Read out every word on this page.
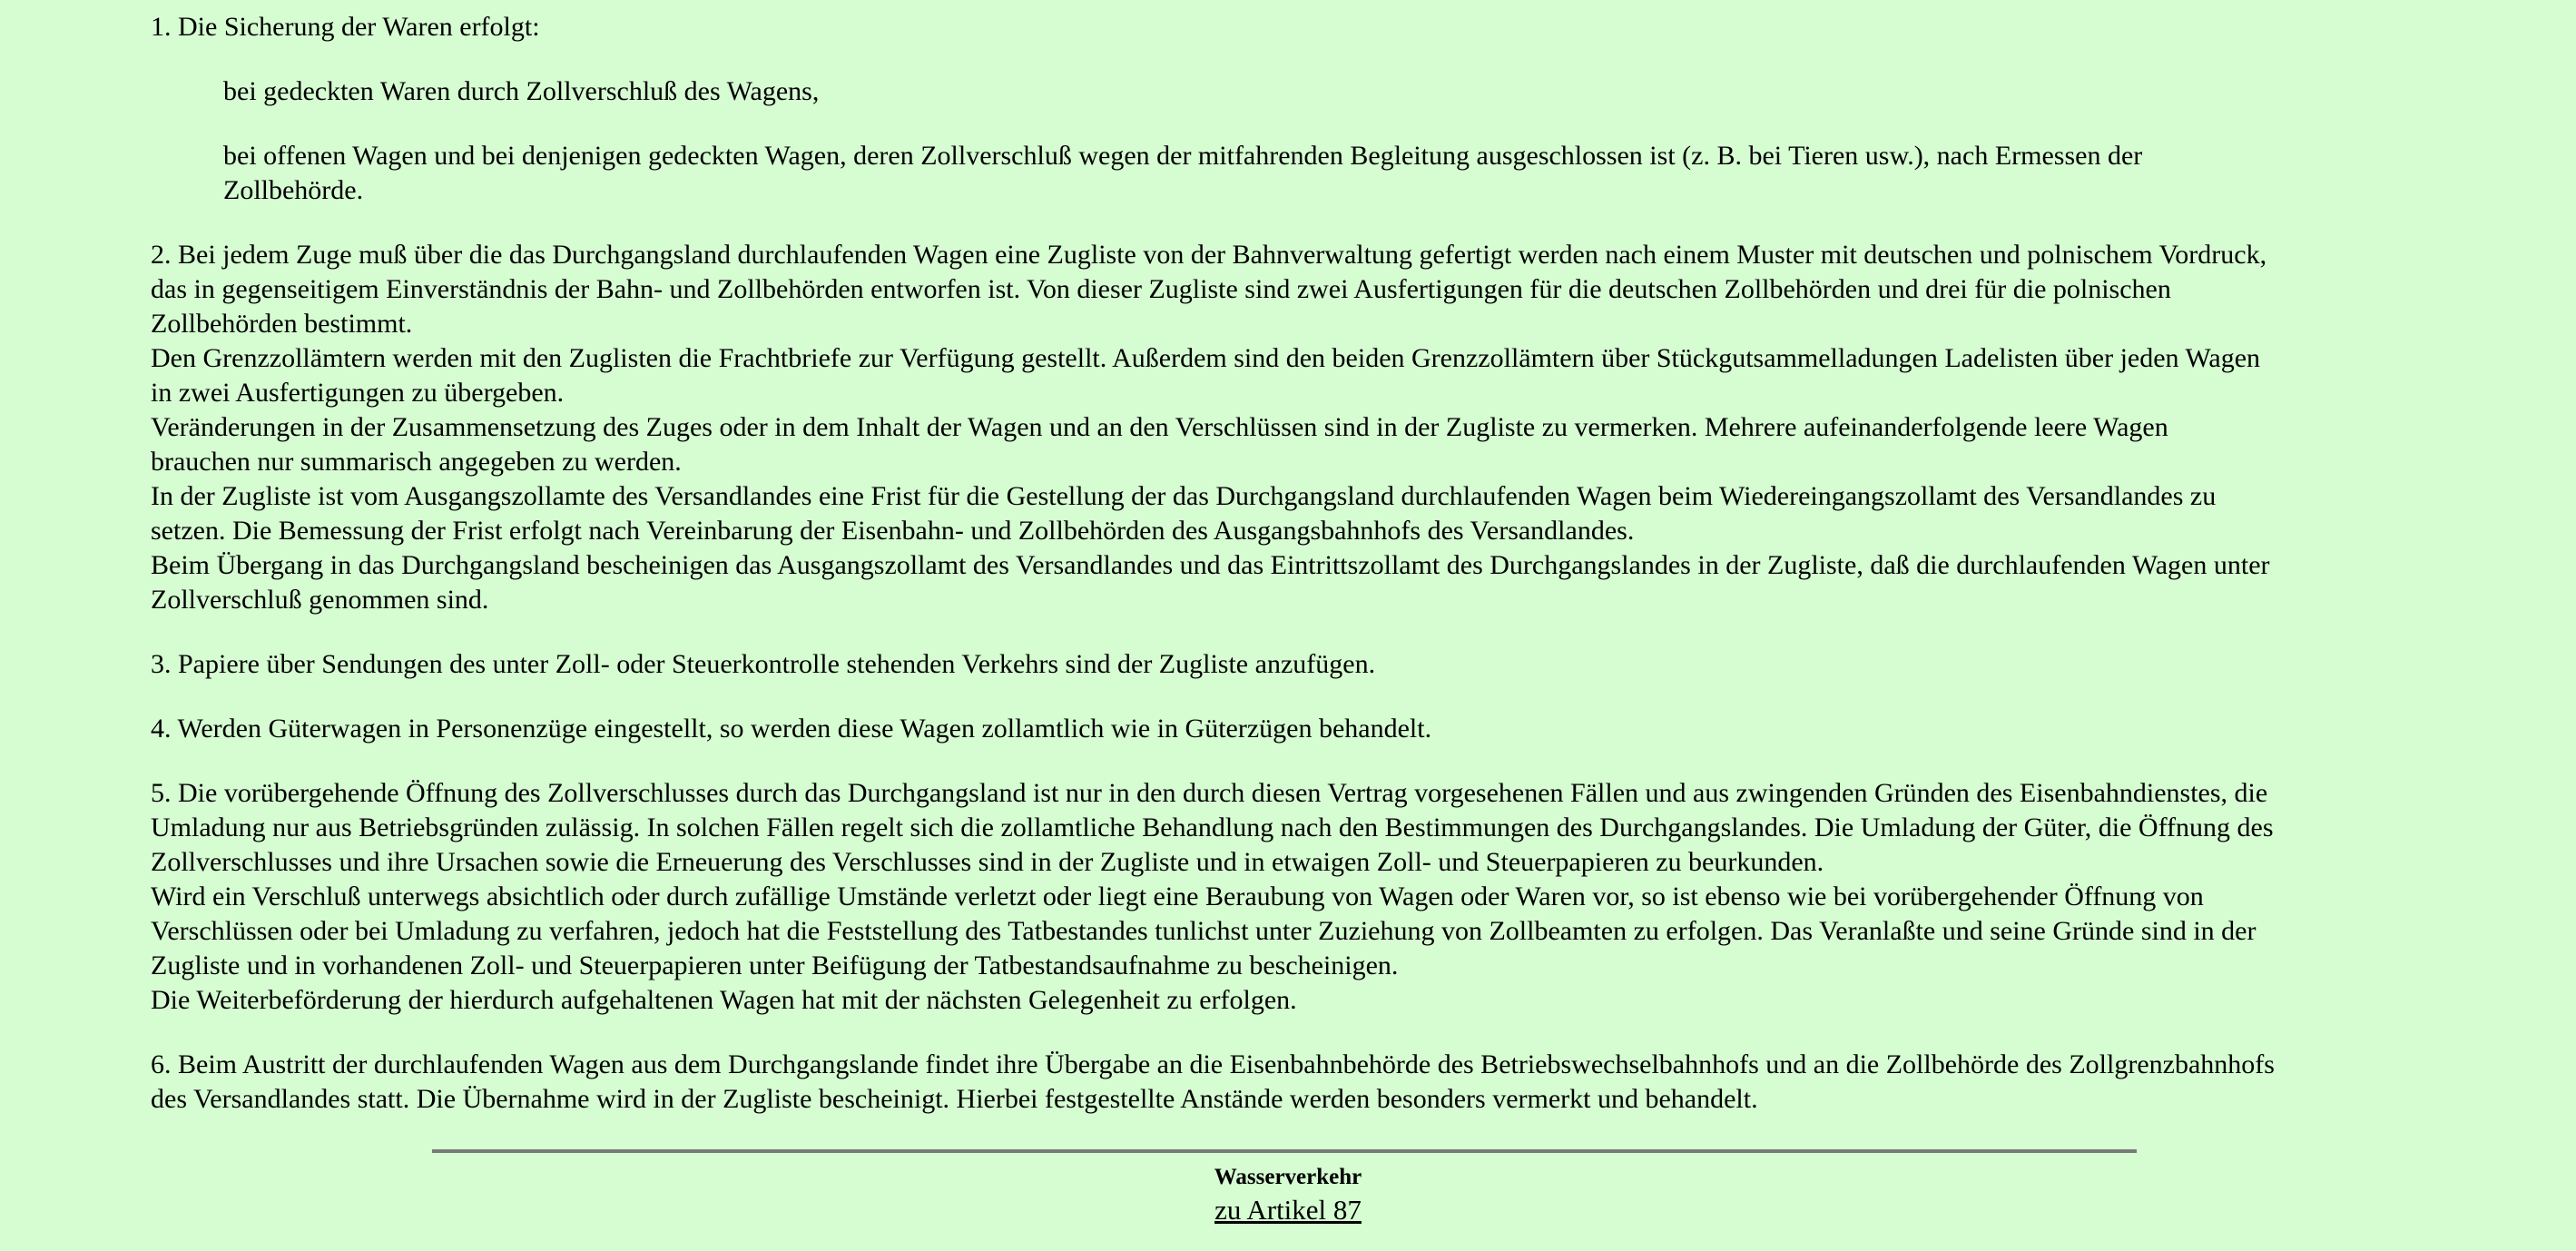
1. Die Sicherung der Waren erfolgt:
bei gedeckten Waren durch Zollverschluß des Wagens,
bei offenen Wagen und bei denjenigen gedeckten Wagen, deren Zollverschluß wegen der mitfahrenden Begleitung ausgeschlossen ist (z. B. bei Tieren usw.), nach Ermessen der
Zollbehörde.
2. Bei jedem Zuge muß über die das Durchgangsland durchlaufenden Wagen eine Zugliste von der Bahnverwaltung gefertigt werden nach einem Muster mit deutschen und polnischem Vordruck,
das in gegenseitigem Einverständnis der Bahn- und Zollbehörden entworfen ist. Von dieser Zugliste sind zwei Ausfertigungen für die deutschen Zollbehörden und drei für die polnischen
Zollbehörden bestimmt.
Den Grenzzollämtern werden mit den Zuglisten die Frachtbriefe zur Verfügung gestellt. Außerdem sind den beiden Grenzzollämtern über Stückgutsammelladungen Ladelisten über jeden Wagen
in zwei Ausfertigungen zu übergeben.
Veränderungen in der Zusammensetzung des Zuges oder in dem Inhalt der Wagen und an den Verschlüssen sind in der Zugliste zu vermerken. Mehrere aufeinanderfolgende leere Wagen
brauchen nur summarisch angegeben zu werden.
In der Zugliste ist vom Ausgangszollamte des Versandlandes eine Frist für die Gestellung der das Durchgangsland durchlaufenden Wagen beim Wiedereingangszollamt des Versandlandes zu
setzen. Die Bemessung der Frist erfolgt nach Vereinbarung der Eisenbahn- und Zollbehörden des Ausgangsbahnhofs des Versandlandes.
Beim Übergang in das Durchgangsland bescheinigen das Ausgangszollamt des Versandlandes und das Eintrittszollamt des Durchgangslandes in der Zugliste, daß die durchlaufenden Wagen unter
Zollverschluß genommen sind.
3. Papiere über Sendungen des unter Zoll- oder Steuerkontrolle stehenden Verkehrs sind der Zugliste anzufügen.
4. Werden Güterwagen in Personenzüge eingestellt, so werden diese Wagen zollamtlich wie in Güterzügen behandelt.
5. Die vorübergehende Öffnung des Zollverschlusses durch das Durchgangsland ist nur in den durch diesen Vertrag vorgesehenen Fällen und aus zwingenden Gründen des Eisenbahndienstes, die
Umladung nur aus Betriebsgründen zulässig. In solchen Fällen regelt sich die zollamtliche Behandlung nach den Bestimmungen des Durchgangslandes. Die Umladung der Güter, die Öffnung des
Zollverschlusses und ihre Ursachen sowie die Erneuerung des Verschlusses sind in der Zugliste und in etwaigen Zoll- und Steuerpapieren zu beurkunden.
Wird ein Verschluß unterwegs absichtlich oder durch zufällige Umstände verletzt oder liegt eine Beraubung von Wagen oder Waren vor, so ist ebenso wie bei vorübergehender Öffnung von
Verschlüssen oder bei Umladung zu verfahren, jedoch hat die Feststellung des Tatbestandes tunlichst unter Zuziehung von Zollbeamten zu erfolgen. Das Veranlaßte und seine Gründe sind in der
Zugliste und in vorhandenen Zoll- und Steuerpapieren unter Beifügung der Tatbestandsaufnahme zu bescheinigen.
Die Weiterbeförderung der hierdurch aufgehaltenen Wagen hat mit der nächsten Gelegenheit zu erfolgen.
6. Beim Austritt der durchlaufenden Wagen aus dem Durchgangslande findet ihre Übergabe an die Eisenbahnbehörde des Betriebswechselbahnhofs und an die Zollbehörde des Zollgrenzbahnhofs
des Versandlandes statt. Die Übernahme wird in der Zugliste bescheinigt. Hierbei festgestellte Anstände werden besonders vermerkt und behandelt.
Wasserverkehr
zu Artikel 87
